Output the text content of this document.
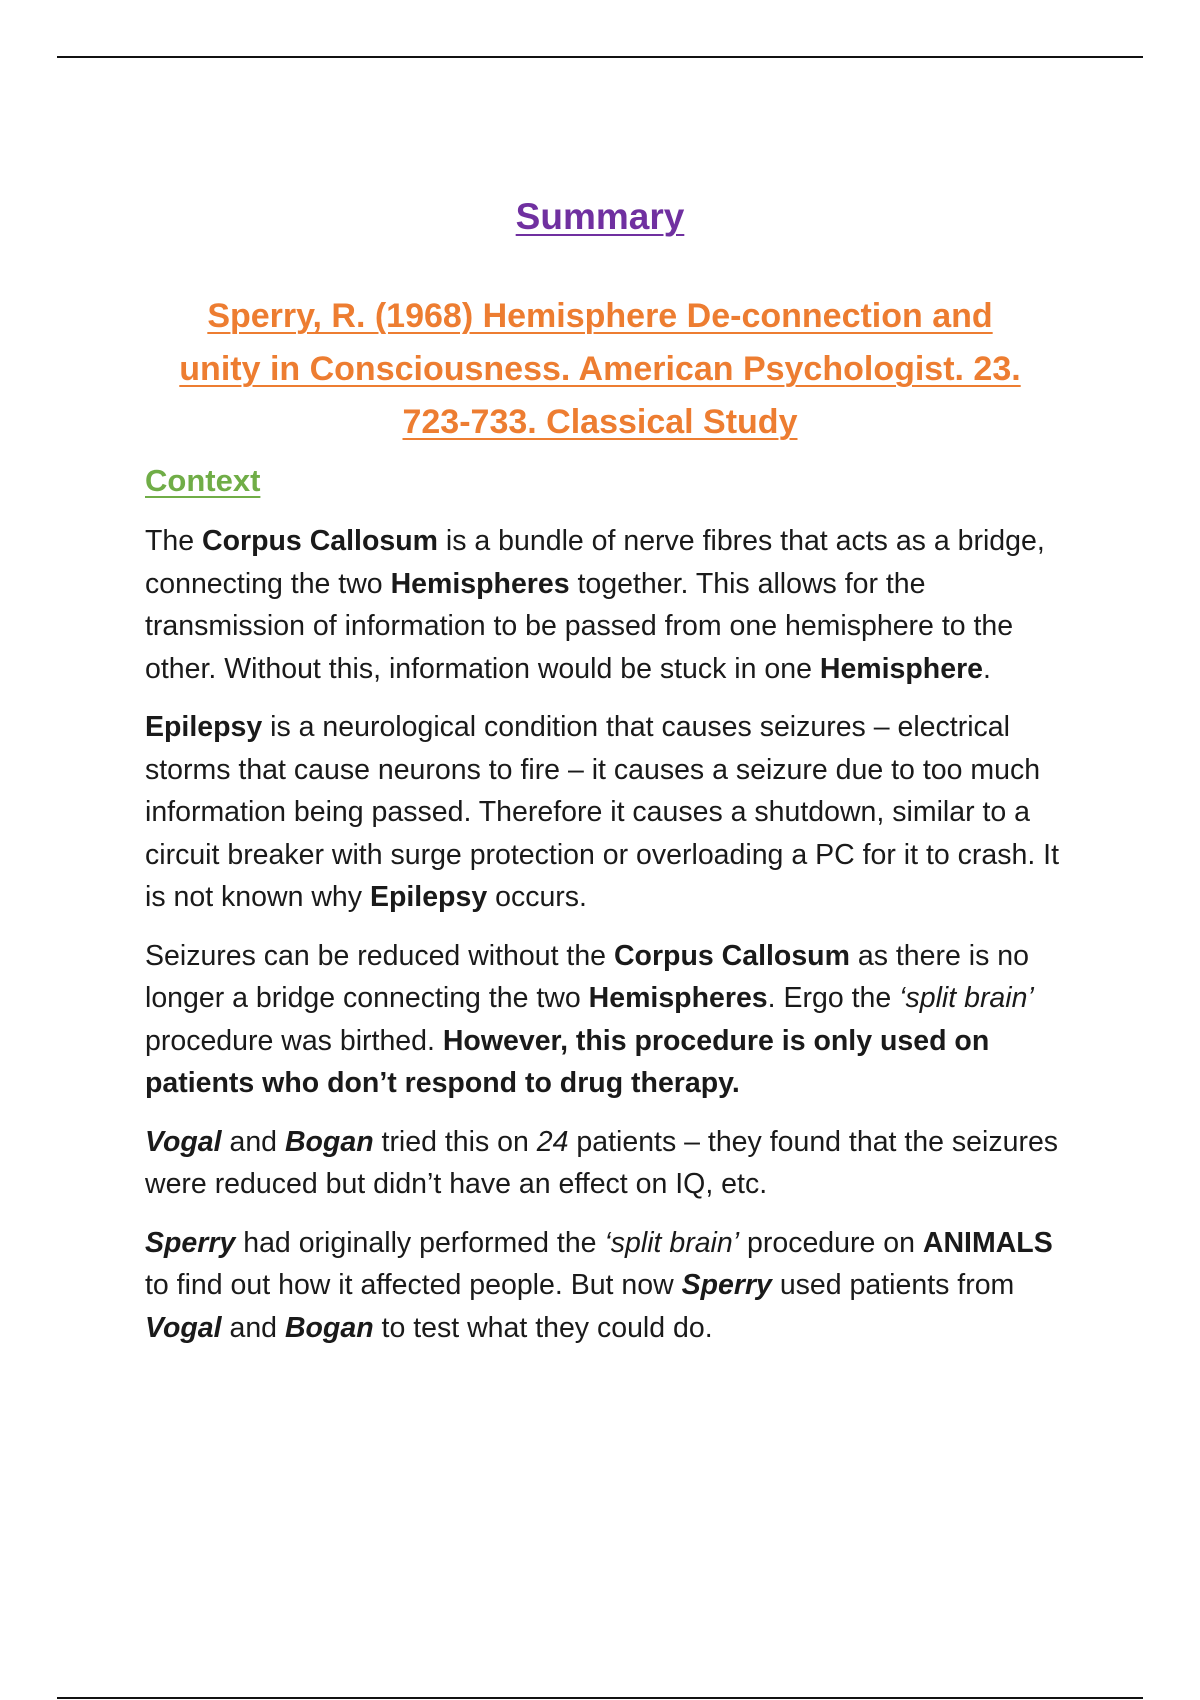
Summary
Sperry, R. (1968) Hemisphere De-connection and
unity in Consciousness. American Psychologist. 23.
723-733. Classical Study
Context

The Corpus Callosum is a bundle of nerve fibres that acts as a bridge, connecting the two Hemispheres together. This allows for the transmission of information to be passed from one hemisphere to the other. Without this, information would be stuck in one Hemisphere.

Epilepsy is a neurological condition that causes seizures – electrical storms that cause neurons to fire – it causes a seizure due to too much information being passed. Therefore it causes a shutdown, similar to a circuit breaker with surge protection or overloading a PC for it to crash. It is not known why Epilepsy occurs.

Seizures can be reduced without the Corpus Callosum as there is no longer a bridge connecting the two Hemispheres. Ergo the ‘split brain’ procedure was birthed. However, this procedure is only used on patients who don’t respond to drug therapy.

Vogal and Bogan tried this on 24 patients – they found that the seizures were reduced but didn’t have an effect on IQ, etc.

Sperry had originally performed the ‘split brain’ procedure on ANIMALS to find out how it affected people. But now Sperry used patients from Vogal and Bogan to test what they could do.
